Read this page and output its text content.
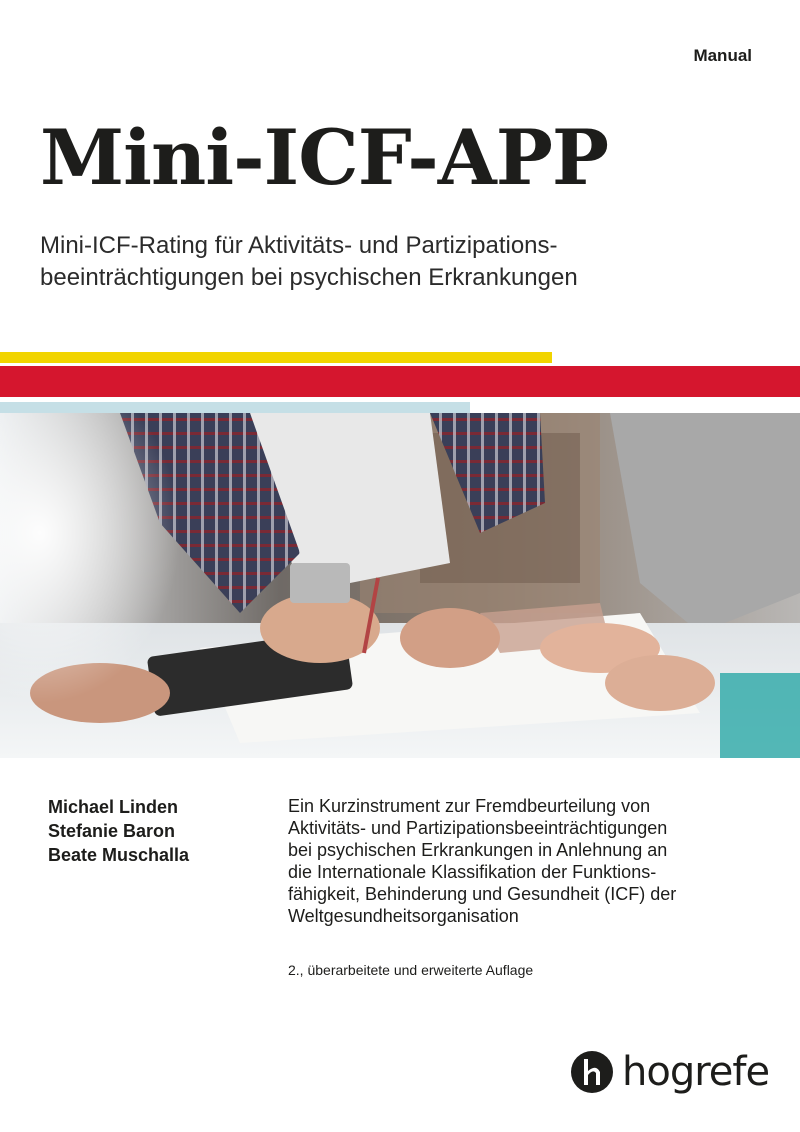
Manual
Mini-ICF-APP
Mini-ICF-Rating für Aktivitäts- und Partizipations-
beeinträchtigungen bei psychischen Erkrankungen
Michael Linden
Stefanie Baron
Beate Muschalla
Ein Kurzinstrument zur Fremdbeurteilung von
Aktivitäts- und Partizipationsbeeinträchtigungen
bei psychischen Erkrankungen in Anlehnung an
die Internationale Klassifikation der Funktions-
fähigkeit, Behinderung und Gesundheit (ICF) der
Weltgesundheitsorganisation
2., überarbeitete und erweiterte Auflage
hogrefe
